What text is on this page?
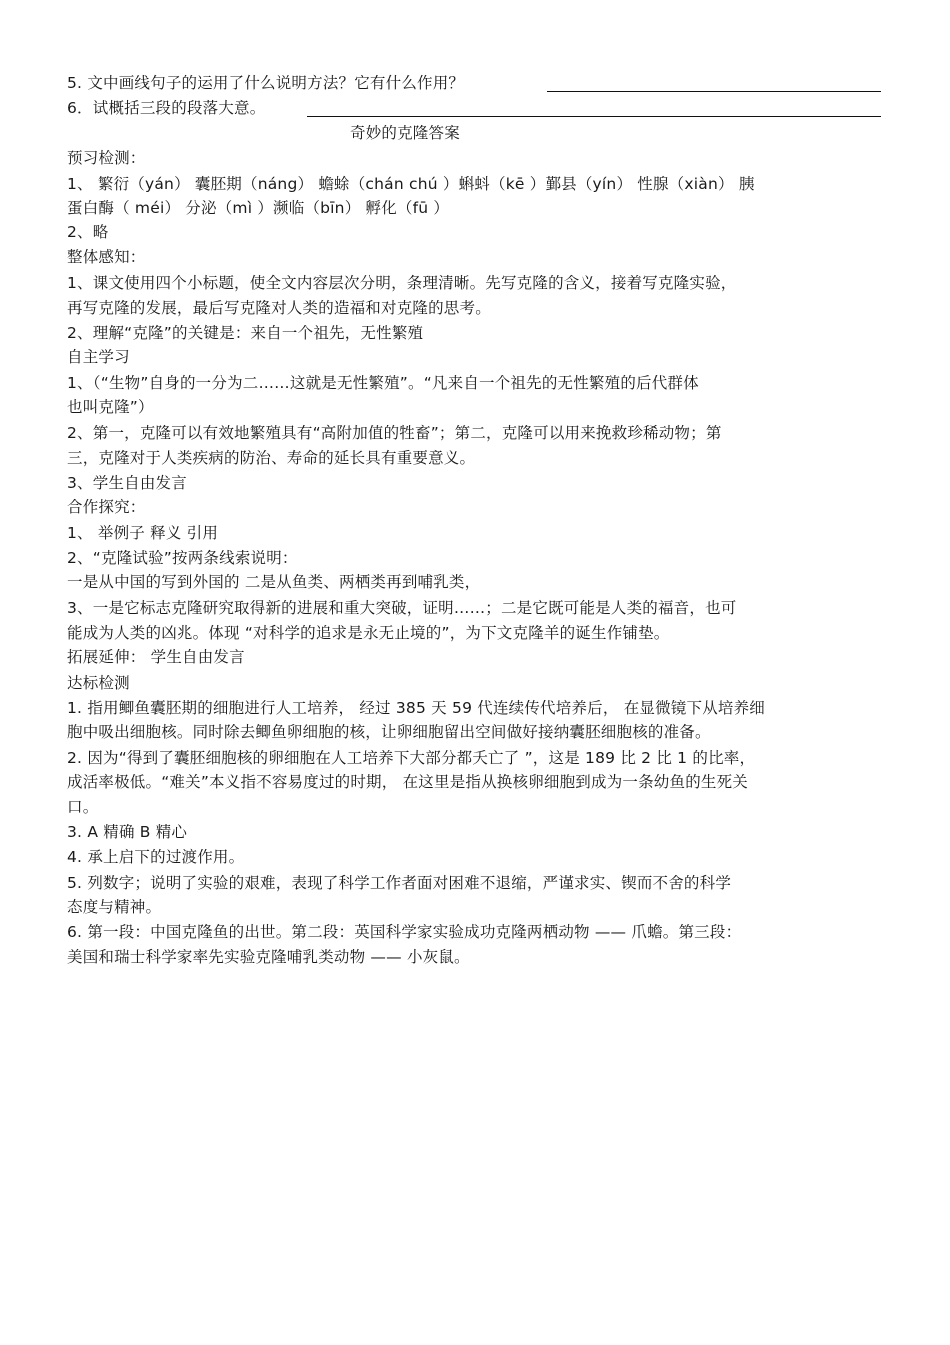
5. 文中画线句子的运用了什么说明方法？它有什么作用？
6．试概括三段的段落大意。
奇妙的克隆答案
预习检测：
1、 繁衍（yán） 囊胚期（náng） 蟾蜍（chán chú ）蝌蚪（kē ）鄞县（yín） 性腺（xiàn） 胰
蛋白酶（ méi） 分泌（mì ）濒临（bīn） 孵化（fū ）
2、略
整体感知：
1、课文使用四个小标题，使全文内容层次分明，条理清晰。先写克隆的含义，接着写克隆实验，
再写克隆的发展，最后写克隆对人类的造福和对克隆的思考。
2、理解“克隆”的关键是：来自一个祖先，无性繁殖
自主学习
1、（“生物”自身的一分为二……这就是无性繁殖”。“凡来自一个祖先的无性繁殖的后代群体
也叫克隆”）
2、第一，克隆可以有效地繁殖具有“高附加值的牲畜”；第二，克隆可以用来挽救珍稀动物；第
三，克隆对于人类疾病的防治、寿命的延长具有重要意义。
3、学生自由发言
合作探究：
1、 举例子 释义 引用
2、“克隆试验”按两条线索说明：
一是从中国的写到外国的 二是从鱼类、两栖类再到哺乳类，
3、一是它标志克隆研究取得新的进展和重大突破，证明……；二是它既可能是人类的福音，也可
能成为人类的凶兆。体现 “对科学的追求是永无止境的”，为下文克隆羊的诞生作铺垫。
拓展延伸： 学生自由发言
达标检测
1. 指用鲫鱼囊胚期的细胞进行人工培养， 经过 385 天 59 代连续传代培养后， 在显微镜下从培养细
胞中吸出细胞核。同时除去鲫鱼卵细胞的核，让卵细胞留出空间做好接纳囊胚细胞核的准备。
2. 因为“得到了囊胚细胞核的卵细胞在人工培养下大部分都夭亡了 ”，这是 189 比 2 比 1 的比率，
成活率极低。“难关”本义指不容易度过的时期， 在这里是指从换核卵细胞到成为一条幼鱼的生死关
口。
3. A 精确 B 精心
4. 承上启下的过渡作用。
5. 列数字；说明了实验的艰难，表现了科学工作者面对困难不退缩，严谨求实、锲而不舍的科学
态度与精神。
6. 第一段：中国克隆鱼的出世。第二段：英国科学家实验成功克隆两栖动物 —— 爪蟾。第三段：
美国和瑞士科学家率先实验克隆哺乳类动物 —— 小灰鼠。
